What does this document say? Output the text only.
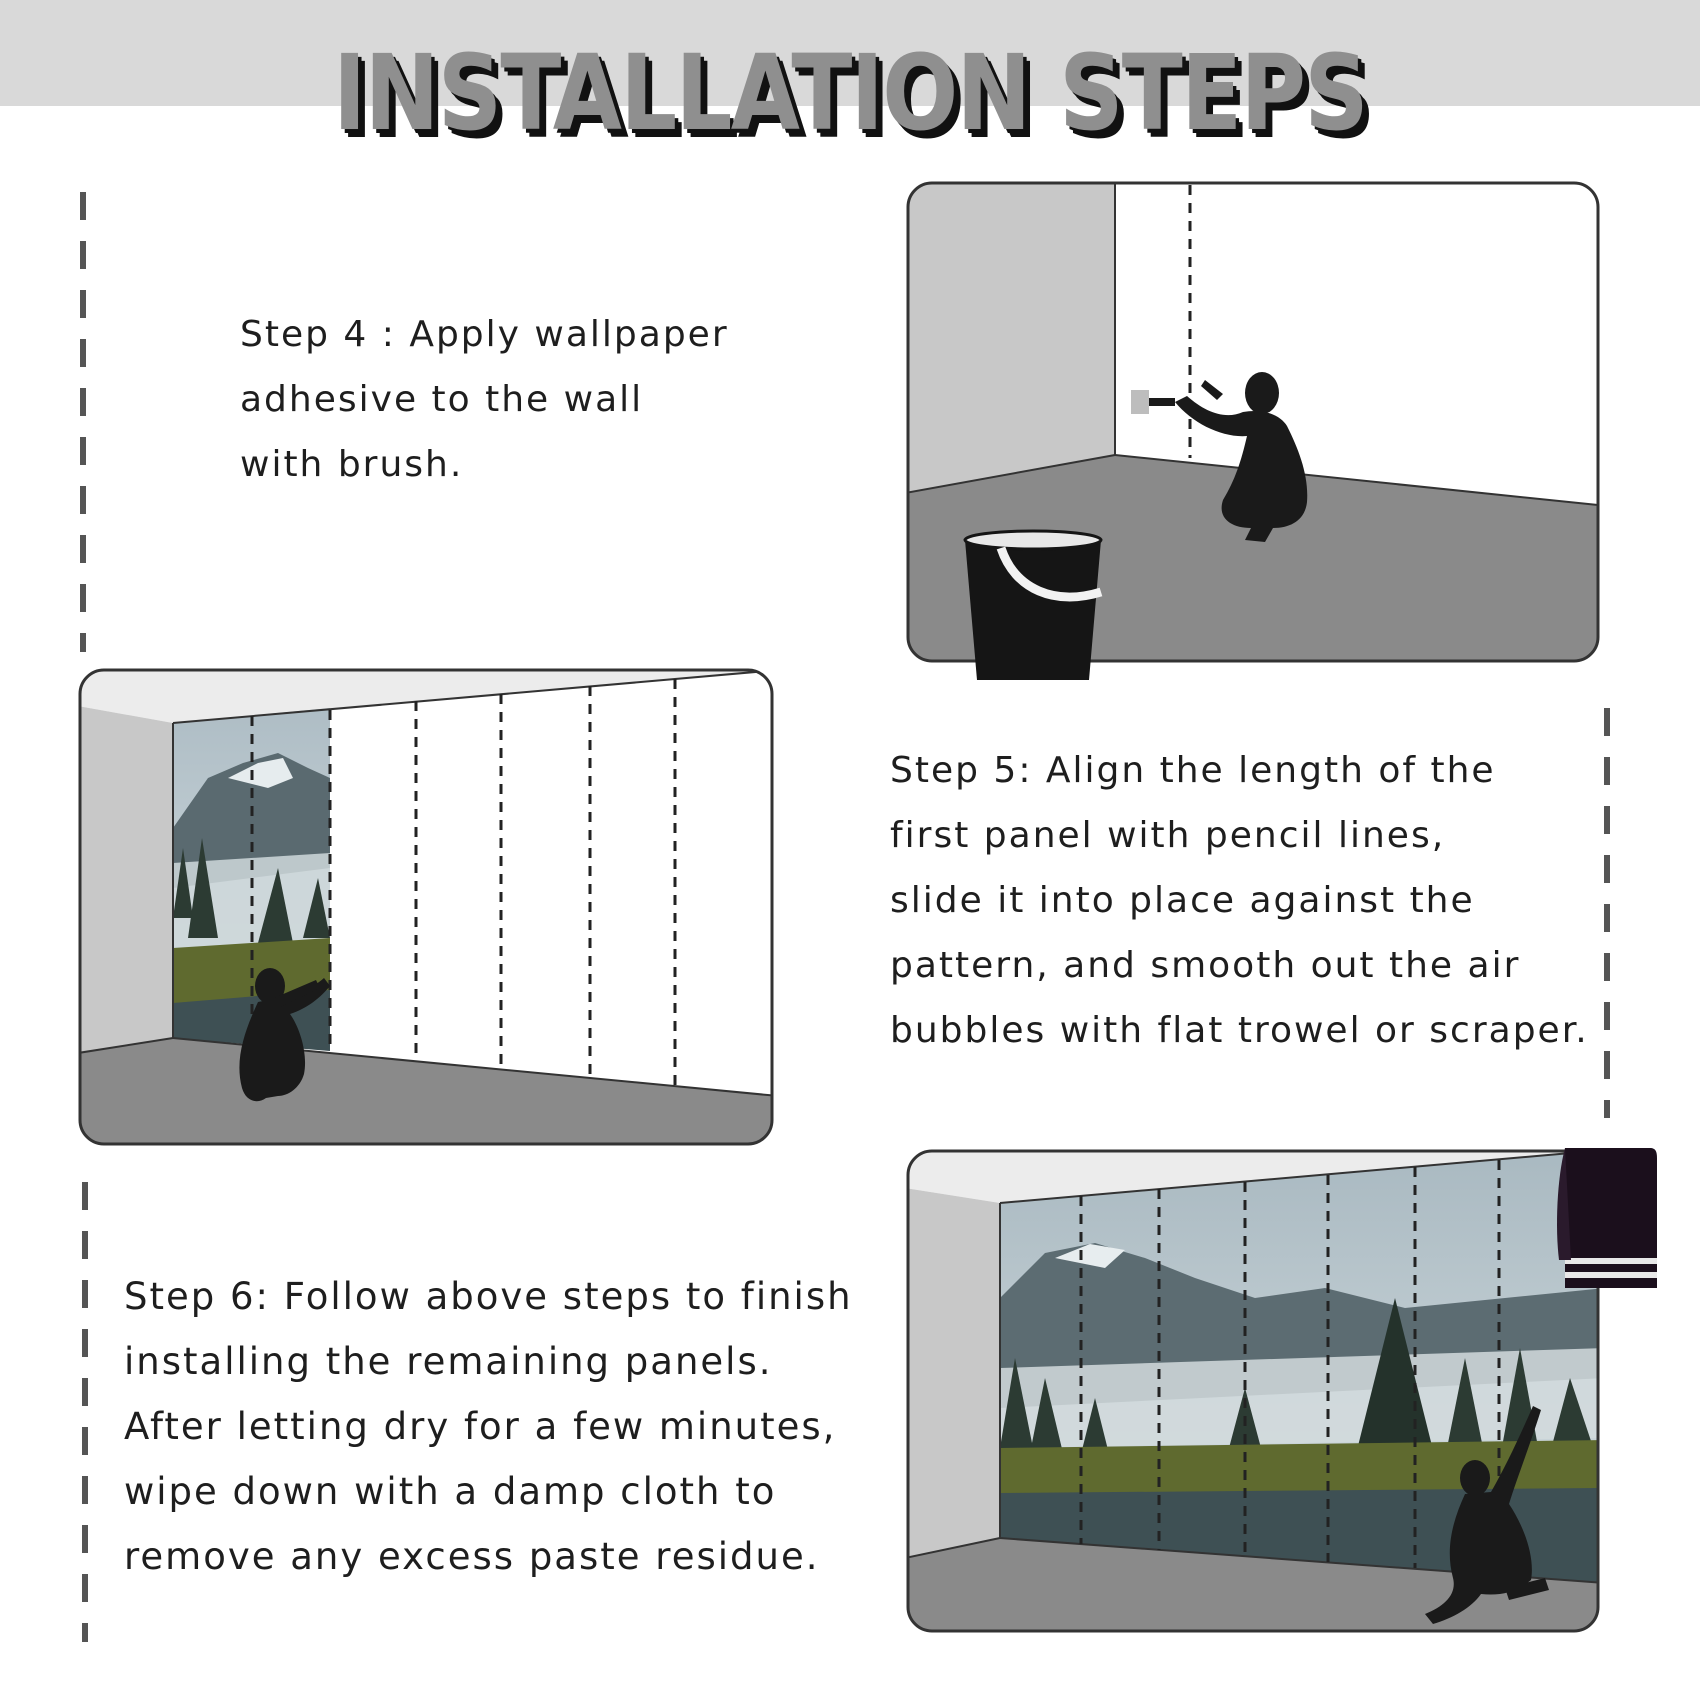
INSTALLATION STEPS
Step 4 : Apply wallpaper
adhesive to the wall
with brush.
Step 5: Align the length of the
first panel with pencil lines,
slide it into place against the
pattern, and smooth out the air
bubbles with flat trowel or scraper.
Step 6: Follow above steps to finish
installing the remaining panels.
After letting dry for a few minutes,
wipe down with a damp cloth to
remove any excess paste residue.
